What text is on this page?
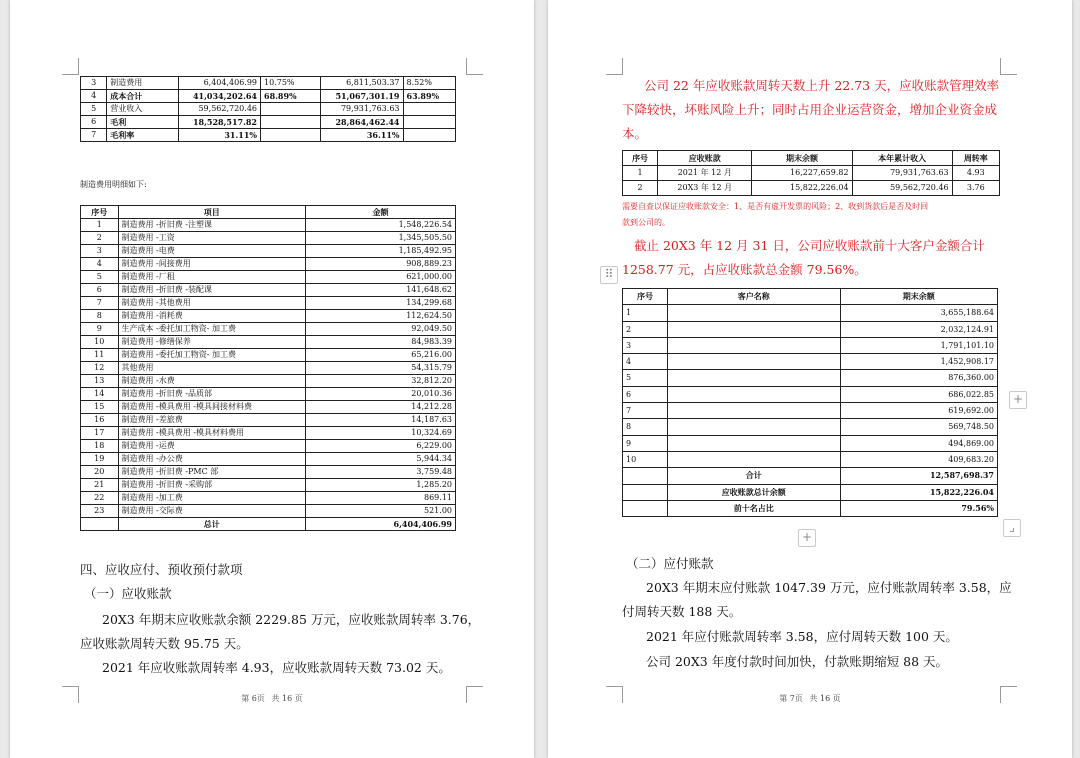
3	制造费用	6,404,406.99	10.75%	6,811,503.37	8.52%
4	成本合计	41,034,202.64	68.89%	51,067,301.19	63.89%
5	营业收入	59,562,720.46		79,931,763.63	
6	毛利	18,528,517.82		28,864,462.44	
7	毛利率	31.11%		36.11%	
制造费用明细如下:
序号	项目	金额
1	制造费用 -折旧费 -注塑课	1,548,226.54
2	制造费用 -工资	1,345,505.50
3	制造费用 -电费	1,185,492.95
4	制造费用 -间接费用	908,889.23
5	制造费用 -厂租	621,000.00
6	制造费用 -折旧费 -装配课	141,648.62
7	制造费用 -其他费用	134,299.68
8	制造费用 -消耗费	112,624.50
9	生产成本 -委托加工物资- 加工费	92,049.50
10	制造费用 -修缮保养	84,983.39
11	制造费用 -委托加工物资- 加工费	65,216.00
12	其他费用	54,315.79
13	制造费用 -水费	32,812.20
14	制造费用 -折旧费 -品质部	20,010.36
15	制造费用 -模具费用 -模具间接材料费	14,212.28
16	制造费用 -差旅费	14,187.63
17	制造费用 -模具费用 -模具材料费用	10,324.69
18	制造费用 -运费	6,229.00
19	制造费用 -办公费	5,944.34
20	制造费用 -折旧费 -PMC 部	3,759.48
21	制造费用 -折旧费 -采购部	1,285.20
22	制造费用 -加工费	869.11
23	制造费用 -交际费	521.00
	总计	6,404,406.99
四、应收应付、预收预付款项
（一）应收账款
20X3 年期末应收账款余额 2229.85 万元，应收账款周转率 3.76，
应收账款周转天数 95.75 天。
2021 年应收账款周转率 4.93，应收账款周转天数 73.02 天。
第 6页 共 16 页
公司 22 年应收账款周转天数上升 22.73 天，应收账款管理效率
下降较快，坏账风险上升；同时占用企业运营资金，增加企业资金成
本。
序号	应收账款	期末余额	本年累计收入	周转率
1	2021 年 12 月	16,227,659.82	79,931,763.63	4.93
2	20X3 年 12 月	15,822,226.04	59,562,720.46	3.76
需要自查以保证应收账款安全：1、是否有虚开发票的风险；2、收到货款后是否及时回
款到公司的。
截止 20X3 年 12 月 31 日，公司应收账款前十大客户金额合计
1258.77 元，占应收账款总金额 79.56%。
⠿
序号	客户名称	期末余额
1		3,655,188.64
2		2,032,124.91
3		1,791,101.10
4		1,452,908.17
5		876,360.00
6		686,022.85
7		619,692.00
8		569,748.50
9		494,869.00
10		409,683.20
	合计	12,587,698.37
	应收账款总计余额	15,822,226.04
	前十名占比	79.56%
+
+
⌟
（二）应付账款
20X3 年期末应付账款 1047.39 万元，应付账款周转率 3.58，应
付周转天数 188 天。
2021 年应付账款周转率 3.58，应付周转天数 100 天。
公司 20X3 年度付款时间加快，付款账期缩短 88 天。
第 7页 共 16 页
